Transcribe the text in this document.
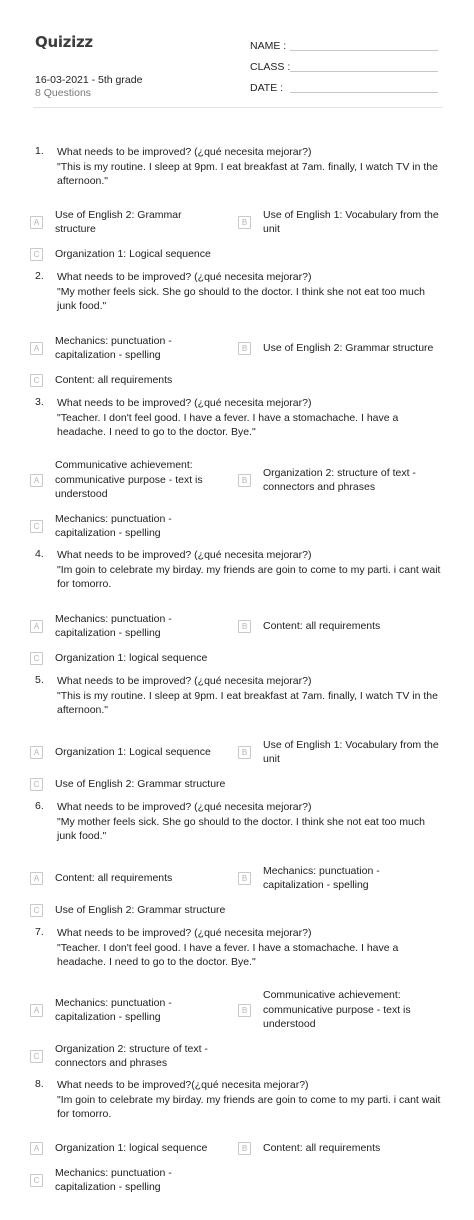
Quizizz
16-03-2021 - 5th grade
8 Questions
NAME :
CLASS :
DATE :
1.	What needs to be improved? (¿qué necesita mejorar?)
"This is my routine. I sleep at 9pm. I eat breakfast at 7am. finally, I watch TV in the afternoon."
A
Use of English 2: Grammar structure
B
Use of English 1: Vocabulary from the unit
C	Organization 1: Logical sequence
2.	What needs to be improved? (¿qué necesita mejorar?)
"My mother feels sick. She go should to the doctor. I think she not eat too much junk food."
A
Mechanics: punctuation - capitalization - spelling
B	Use of English 2: Grammar structure
C	Content: all requirements
3.	What needs to be improved? (¿qué necesita mejorar?)
"Teacher. I don't feel good. I have a fever. I have a stomachache. I have a headache. I need to go to the doctor. Bye."
A
Communicative achievement: communicative purpose - text is understood
B
Organization 2: structure of text - connectors and phrases
C
Mechanics: punctuation - capitalization - spelling
4.	What needs to be improved? (¿qué necesita mejorar?)
"Im goin to celebrate my birday. my friends are goin to come to my parti. i cant wait for tomorro.
A
Mechanics: punctuation - capitalization - spelling
B	Content: all requirements
C	Organization 1: logical sequence
5.	What needs to be improved? (¿qué necesita mejorar?)
"This is my routine. I sleep at 9pm. I eat breakfast at 7am. finally, I watch TV in the afternoon."
A	Organization 1: Logical sequence	B
Use of English 1: Vocabulary from the unit
C	Use of English 2: Grammar structure
6.	What needs to be improved? (¿qué necesita mejorar?)
"My mother feels sick. She go should to the doctor. I think she not eat too much junk food."
A	Content: all requirements	B
Mechanics: punctuation - capitalization - spelling
C	Use of English 2: Grammar structure
7.	What needs to be improved? (¿qué necesita mejorar?)
"Teacher. I don't feel good. I have a fever. I have a stomachache. I have a headache. I need to go to the doctor. Bye."
A
Mechanics: punctuation - capitalization - spelling
B
Communicative achievement: communicative purpose - text is understood
C
Organization 2: structure of text - connectors and phrases
8.	What needs to be improved?(¿qué necesita mejorar?)
"Im goin to celebrate my birday. my friends are goin to come to my parti. i cant wait for tomorro.
A	Organization 1: logical sequence	B	Content: all requirements
C
Mechanics: punctuation - capitalization - spelling
